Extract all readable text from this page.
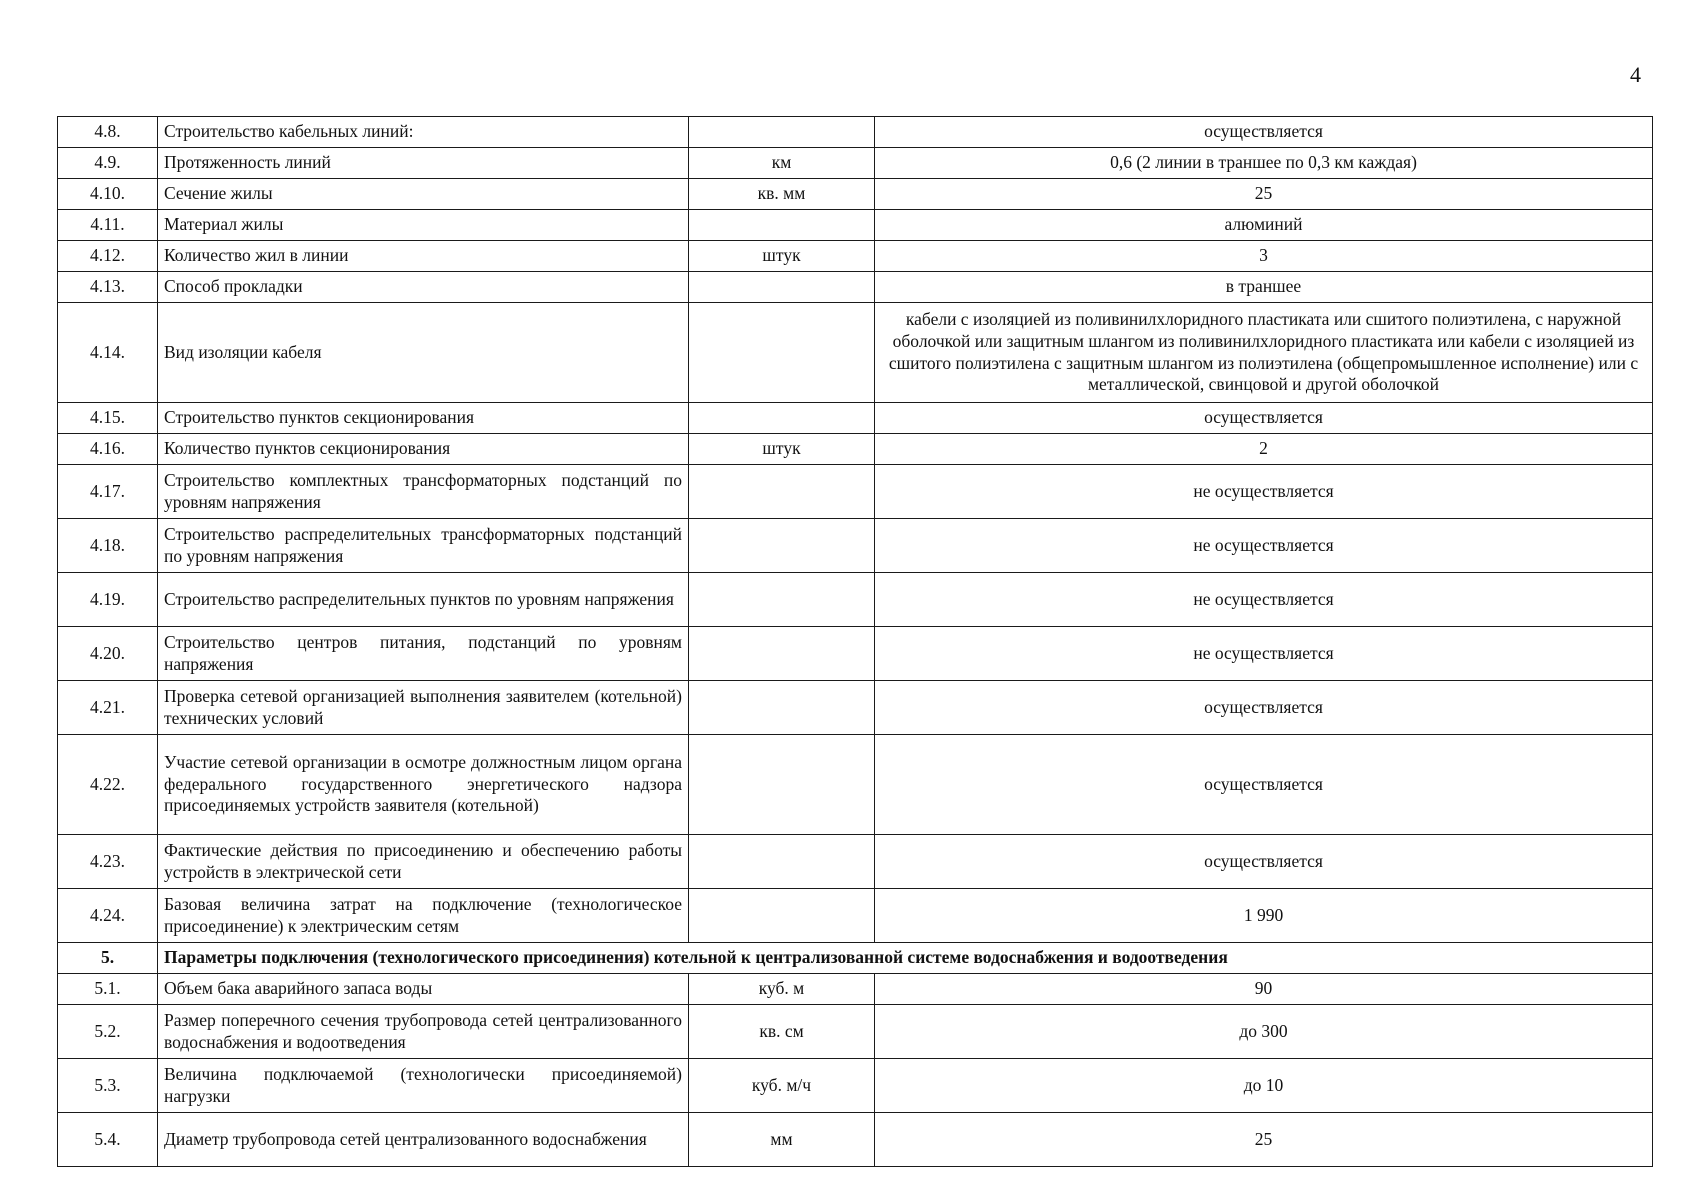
4
4.8.	Строительство кабельных линий:		осуществляется
4.9.	Протяженность линий	км	0,6 (2 линии в траншее по 0,3 км каждая)
4.10.	Сечение жилы	кв. мм	25
4.11.	Материал жилы		алюминий
4.12.	Количество жил в линии	штук	3
4.13.	Способ прокладки		в траншее
4.14.	Вид изоляции кабеля		кабели с изоляцией из поливинилхлоридного пластиката или сшитого полиэтилена, с наружной оболочкой или защитным шлангом из поливинилхлоридного пластиката или кабели с изоляцией из сшитого полиэтилена с защитным шлангом из полиэтилена (общепромышленное исполнение) или с металлической, свинцовой и другой оболочкой
4.15.	Строительство пунктов секционирования		осуществляется
4.16.	Количество пунктов секционирования	штук	2
4.17.	Строительство комплектных трансформаторных подстанций по уровням напряжения		не осуществляется
4.18.	Строительство распределительных трансформаторных подстанций по уровням напряжения		не осуществляется
4.19.	Строительство распределительных пунктов по уровням напряжения		не осуществляется
4.20.	Строительство центров питания, подстанций по уровням напряжения		не осуществляется
4.21.	Проверка сетевой организацией выполнения заявителем (котельной) технических условий		осуществляется
4.22.	Участие сетевой организации в осмотре должностным лицом органа федерального государственного энергетического надзора присоединяемых устройств заявителя (котельной)		осуществляется
4.23.	Фактические действия по присоединению и обеспечению работы устройств в электрической сети		осуществляется
4.24.	Базовая величина затрат на подключение (технологическое присоединение) к электрическим сетям		1 990
5.	Параметры подключения (технологического присоединения) котельной к централизованной системе водоснабжения и водоотведения		
5.1.	Объем бака аварийного запаса воды	куб. м	90
5.2.	Размер поперечного сечения трубопровода сетей централизованного водоснабжения и водоотведения	кв. см	до 300
5.3.	Величина подключаемой (технологически присоединяемой) нагрузки	куб. м/ч	до 10
5.4.	Диаметр трубопровода сетей централизованного водоснабжения	мм	25
